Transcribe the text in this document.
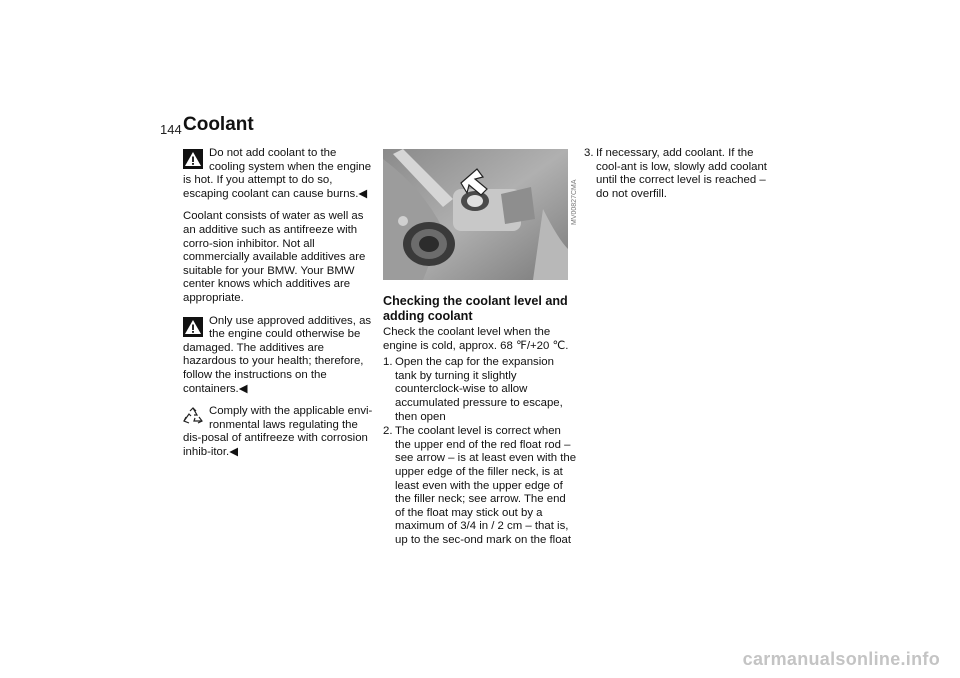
144 Coolant
Do not add coolant to the cooling system when the engine is hot. If you attempt to do so, escaping coolant can cause burns.◀

Coolant consists of water as well as an additive such as antifreeze with corro-sion inhibitor. Not all commercially available additives are suitable for your BMW. Your BMW center knows which additives are appropriate.

Only use approved additives, as the engine could otherwise be damaged. The additives are hazardous to your health; therefore, follow the instructions on the containers.◀
Comply with the applicable envi-ronmental laws regulating the dis-posal of antifreeze with corrosion inhib-itor.◀
MV00827CMA
Checking the coolant level and adding coolant

Check the coolant level when the engine is cold, approx. 68 ℉/+20 ℃.

1. Open the cap for the expansion tank by turning it slightly counterclock-wise to allow accumulated pressure to escape, then open
2. The coolant level is correct when the upper end of the red float rod – see arrow – is at least even with the upper edge of the filler neck, is at least even with the upper edge of the filler neck; see arrow. The end of the float may stick out by a maximum of 3/4 in / 2 cm – that is, up to the sec-ond mark on the float
3. If necessary, add coolant. If the cool-ant is low, slowly add coolant until the correct level is reached – do not overfill.
carmanualsonline.info
